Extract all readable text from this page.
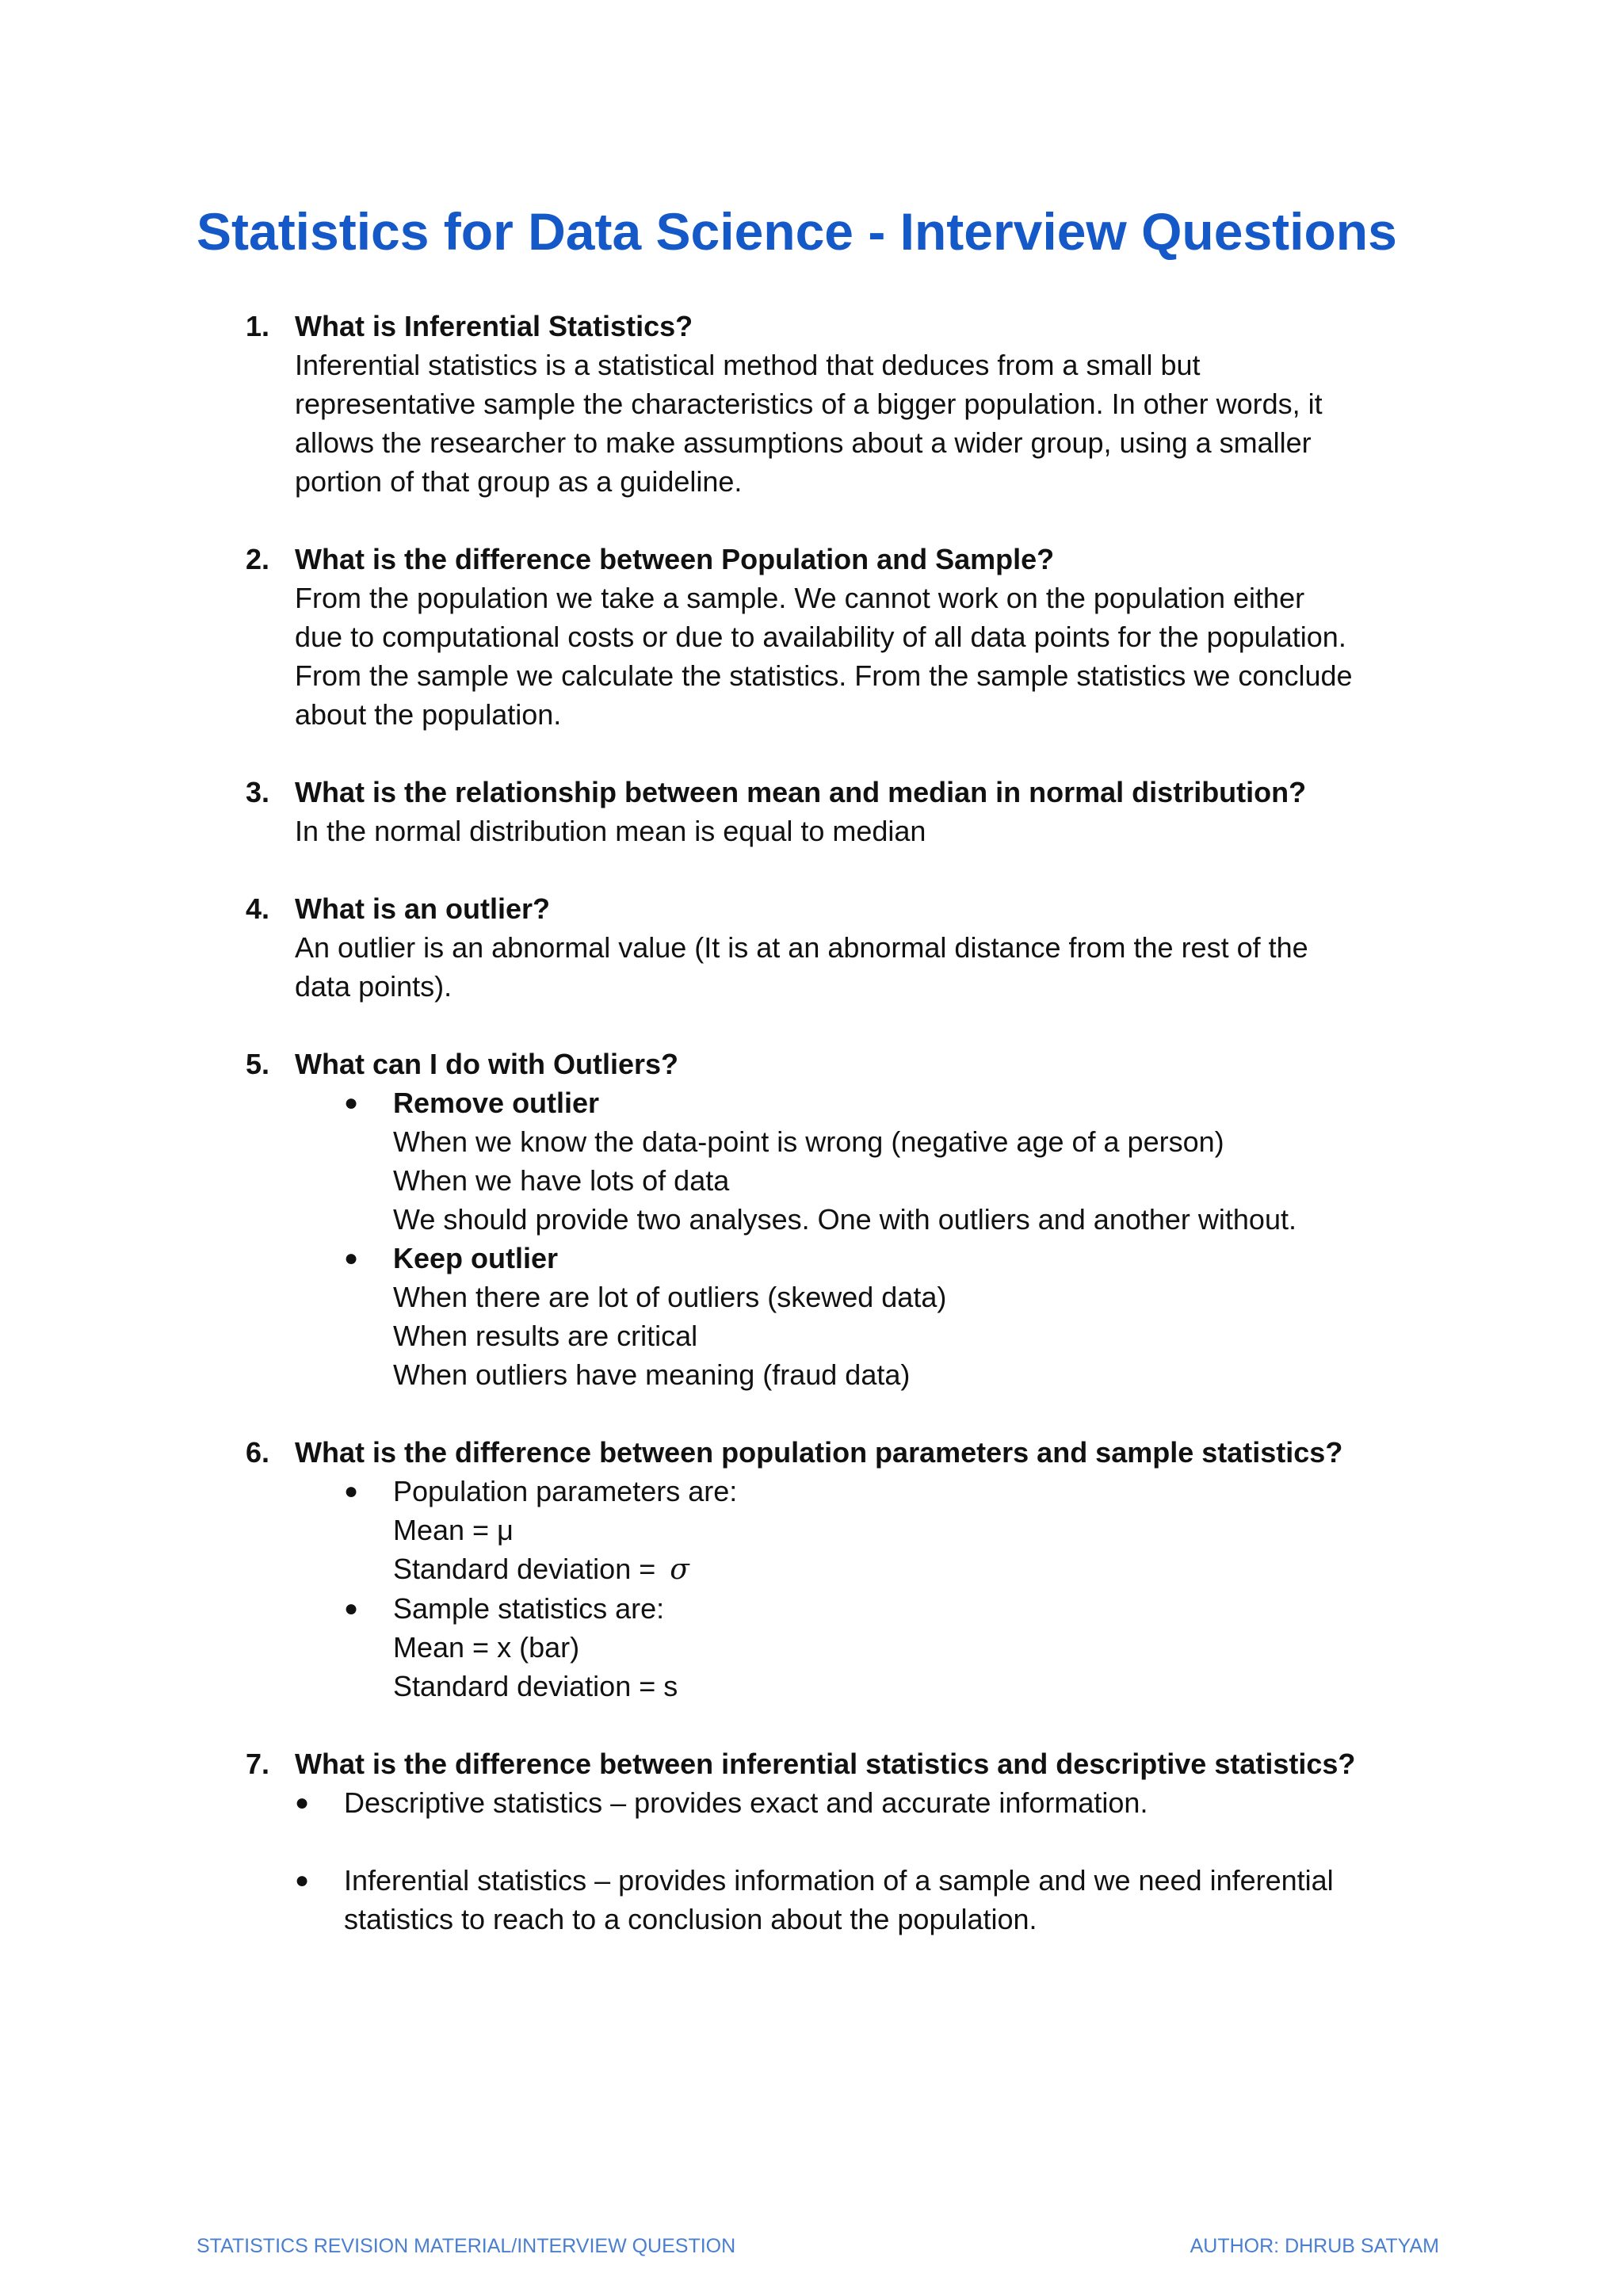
Statistics for Data Science - Interview Questions
1. What is Inferential Statistics?
Inferential statistics is a statistical method that deduces from a small but
representative sample the characteristics of a bigger population. In other words, it
allows the researcher to make assumptions about a wider group, using a smaller
portion of that group as a guideline.
2. What is the difference between Population and Sample?
From the population we take a sample. We cannot work on the population either
due to computational costs or due to availability of all data points for the population.
From the sample we calculate the statistics. From the sample statistics we conclude
about the population.
3. What is the relationship between mean and median in normal distribution?
In the normal distribution mean is equal to median
4. What is an outlier?
An outlier is an abnormal value (It is at an abnormal distance from the rest of the
data points).
5. What can I do with Outliers?
● Remove outlier
When we know the data-point is wrong (negative age of a person)
When we have lots of data
We should provide two analyses. One with outliers and another without.
● Keep outlier
When there are lot of outliers (skewed data)
When results are critical
When outliers have meaning (fraud data)
6. What is the difference between population parameters and sample statistics?
● Population parameters are:
Mean = μ
Standard deviation = σ
● Sample statistics are:
Mean = x (bar)
Standard deviation = s
7. What is the difference between inferential statistics and descriptive statistics?
● Descriptive statistics – provides exact and accurate information.
● Inferential statistics – provides information of a sample and we need inferential
statistics to reach to a conclusion about the population.
STATISTICS REVISION MATERIAL/INTERVIEW QUESTION	AUTHOR: DHRUB SATYAM
